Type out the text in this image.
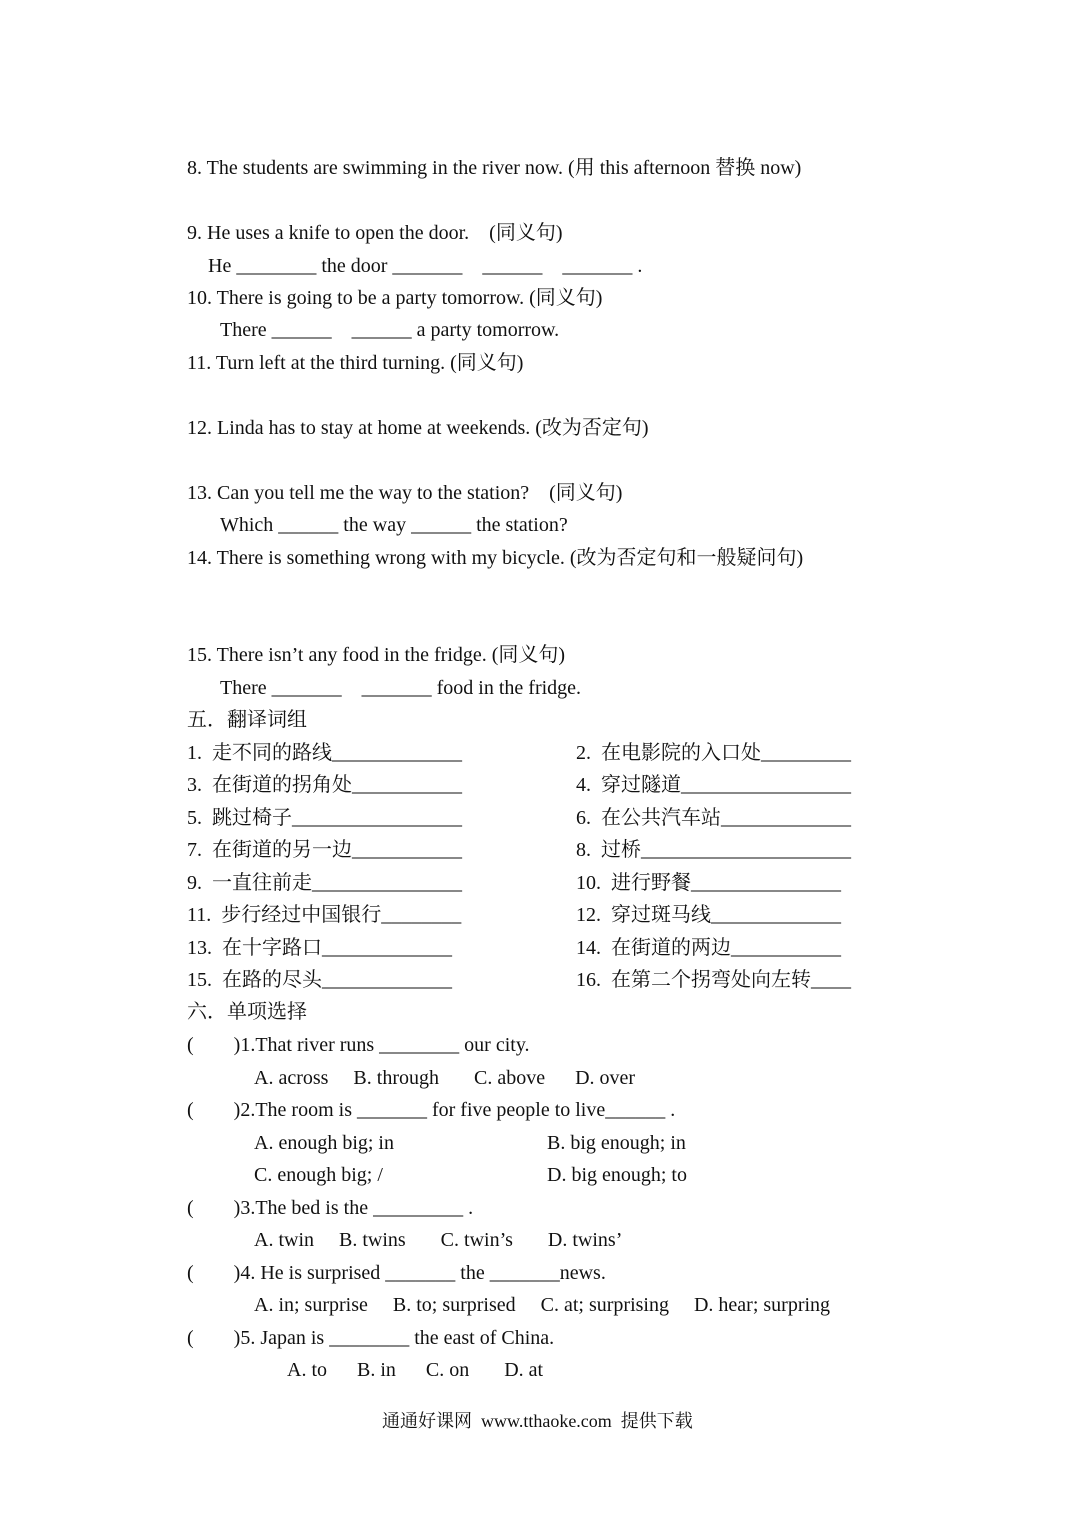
8. The students are swimming in the river now. (用 this afternoon 替换 now)
9. He uses a knife to open the door.    (同义句)
He ________ the door _______    ______    _______ .
10. There is going to be a party tomorrow. (同义句)
There ______    ______ a party tomorrow.
11. Turn left at the third turning. (同义句)
12. Linda has to stay at home at weekends. (改为否定句)
13. Can you tell me the way to the station?    (同义句)
Which ______ the way ______ the station?
14. There is something wrong with my bicycle. (改为否定句和一般疑问句)
15. There isn’t any food in the fridge. (同义句)
There _______    _______ food in the fridge.
五．翻译词组
1.  走不同的路线_____________	2.  在电影院的入口处_________
3.  在街道的拐角处___________	4.  穿过隧道_________________
5.  跳过椅子_________________	6.  在公共汽车站_____________
7.  在街道的另一边___________	8.  过桥_____________________
9.  一直往前走_______________	10.  进行野餐_______________
11.  步行经过中国银行________	12.  穿过斑马线_____________
13.  在十字路口_____________	14.  在街道的两边___________
15.  在路的尽头_____________	16.  在第二个拐弯处向左转____
六．单项选择
(        )1.That river runs ________ our city.
A. across     B. through       C. above      D. over
(        )2.The room is _______ for five people to live______ .
A. enough big; in	B. big enough; in
C. enough big; /	D. big enough; to
(        )3.The bed is the _________ .
A. twin     B. twins       C. twin’s       D. twins’
(        )4. He is surprised _______ the _______news.
A. in; surprise     B. to; surprised     C. at; surprising     D. hear; surpring
(        )5. Japan is ________ the east of China.
A. to      B. in      C. on       D. at
通通好课网  www.tthaoke.com  提供下载
